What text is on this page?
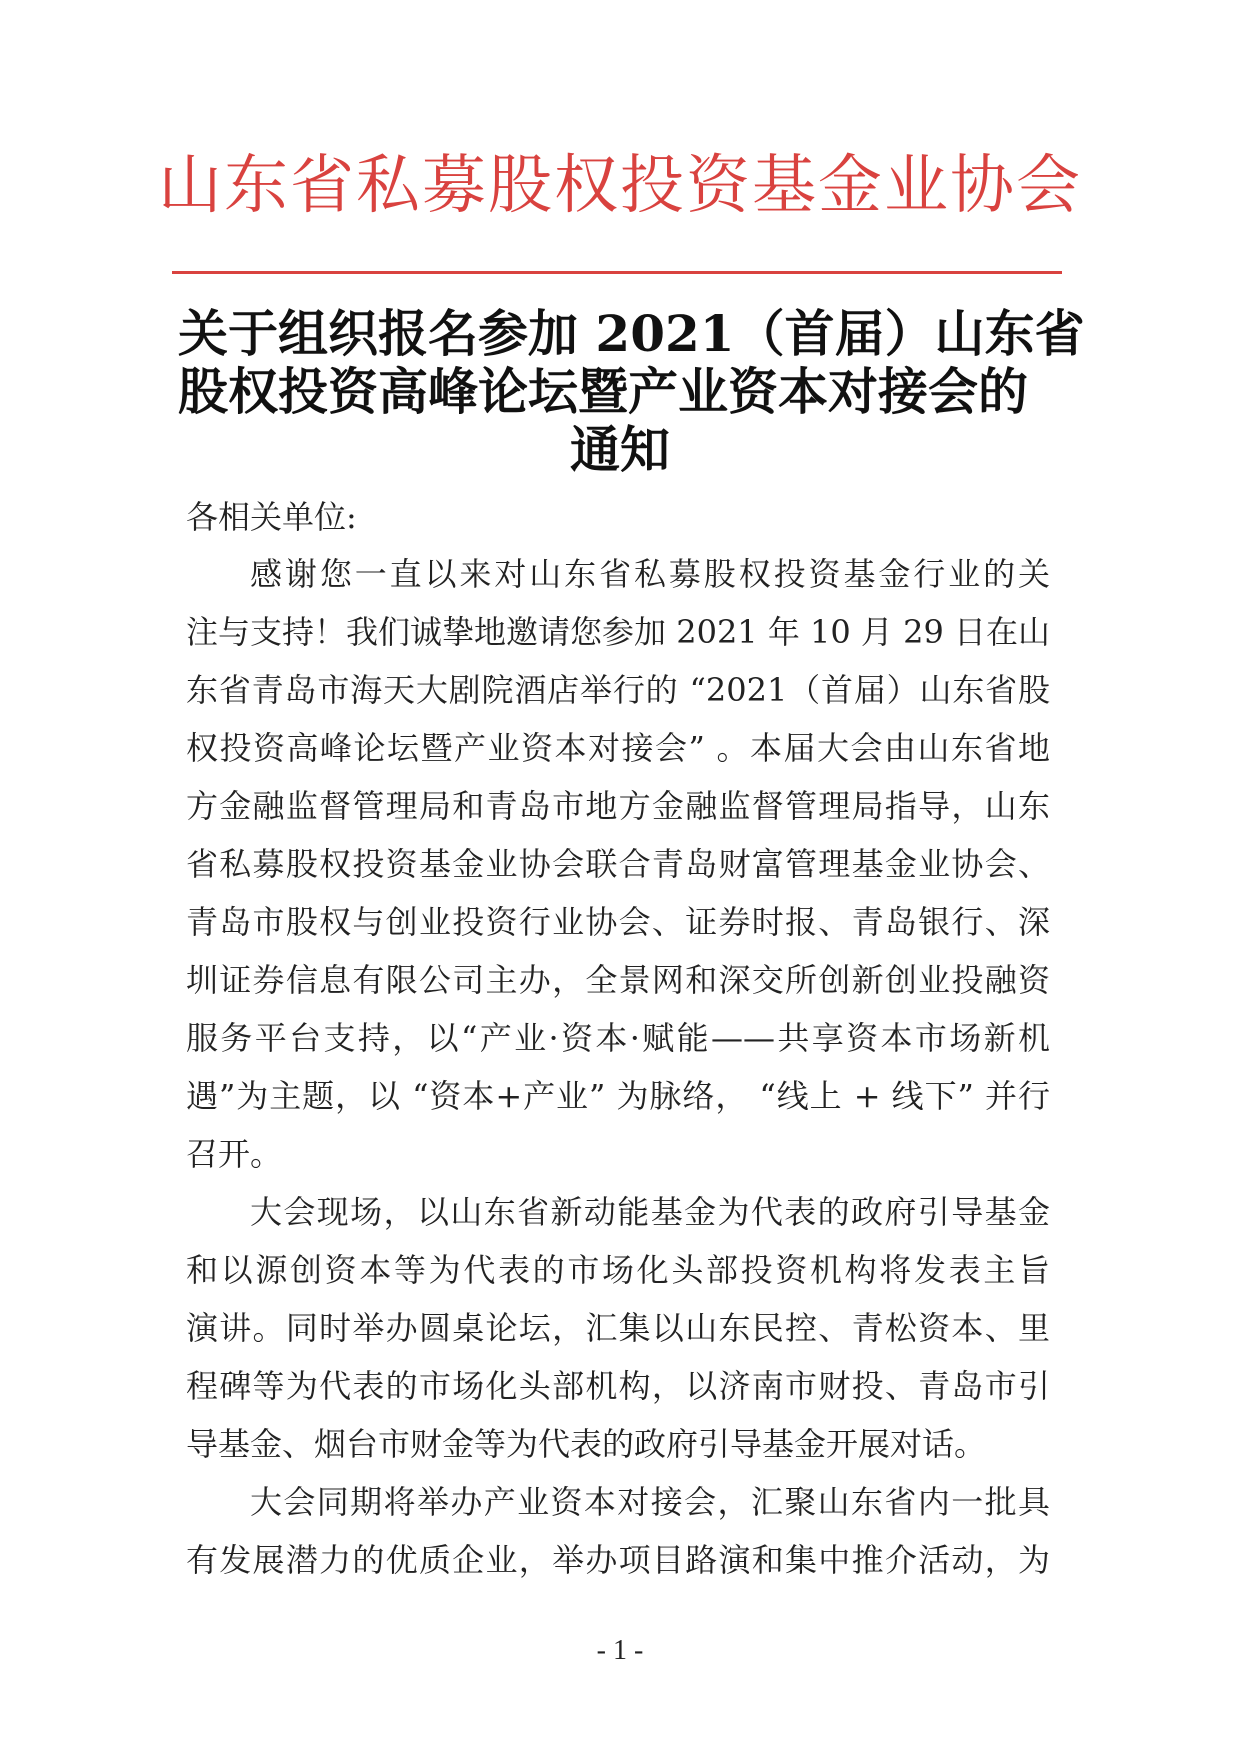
山东省私募股权投资基金业协会
关于组织报名参加 2021（首届）山东省
股权投资高峰论坛暨产业资本对接会的
通知
各相关单位:
感谢您一直以来对山东省私募股权投资基金行业的关
注与支持！我们诚挚地邀请您参加 2021 年 10 月 29 日在山
东省青岛市海天大剧院酒店举行的 “2021（首届）山东省股
权投资高峰论坛暨产业资本对接会” 。本届大会由山东省地
方金融监督管理局和青岛市地方金融监督管理局指导，山东
省私募股权投资基金业协会联合青岛财富管理基金业协会、
青岛市股权与创业投资行业协会、证券时报、青岛银行、深
圳证券信息有限公司主办，全景网和深交所创新创业投融资
服务平台支持，以“产业·资本·赋能——共享资本市场新机
遇”为主题，以 “资本+产业” 为脉络， “线上 + 线下” 并行
召开。
大会现场，以山东省新动能基金为代表的政府引导基金
和以源创资本等为代表的市场化头部投资机构将发表主旨
演讲。同时举办圆桌论坛，汇集以山东民控、青松资本、里
程碑等为代表的市场化头部机构，以济南市财投、青岛市引
导基金、烟台市财金等为代表的政府引导基金开展对话。
大会同期将举办产业资本对接会，汇聚山东省内一批具
有发展潜力的优质企业，举办项目路演和集中推介活动，为
- 1 -
